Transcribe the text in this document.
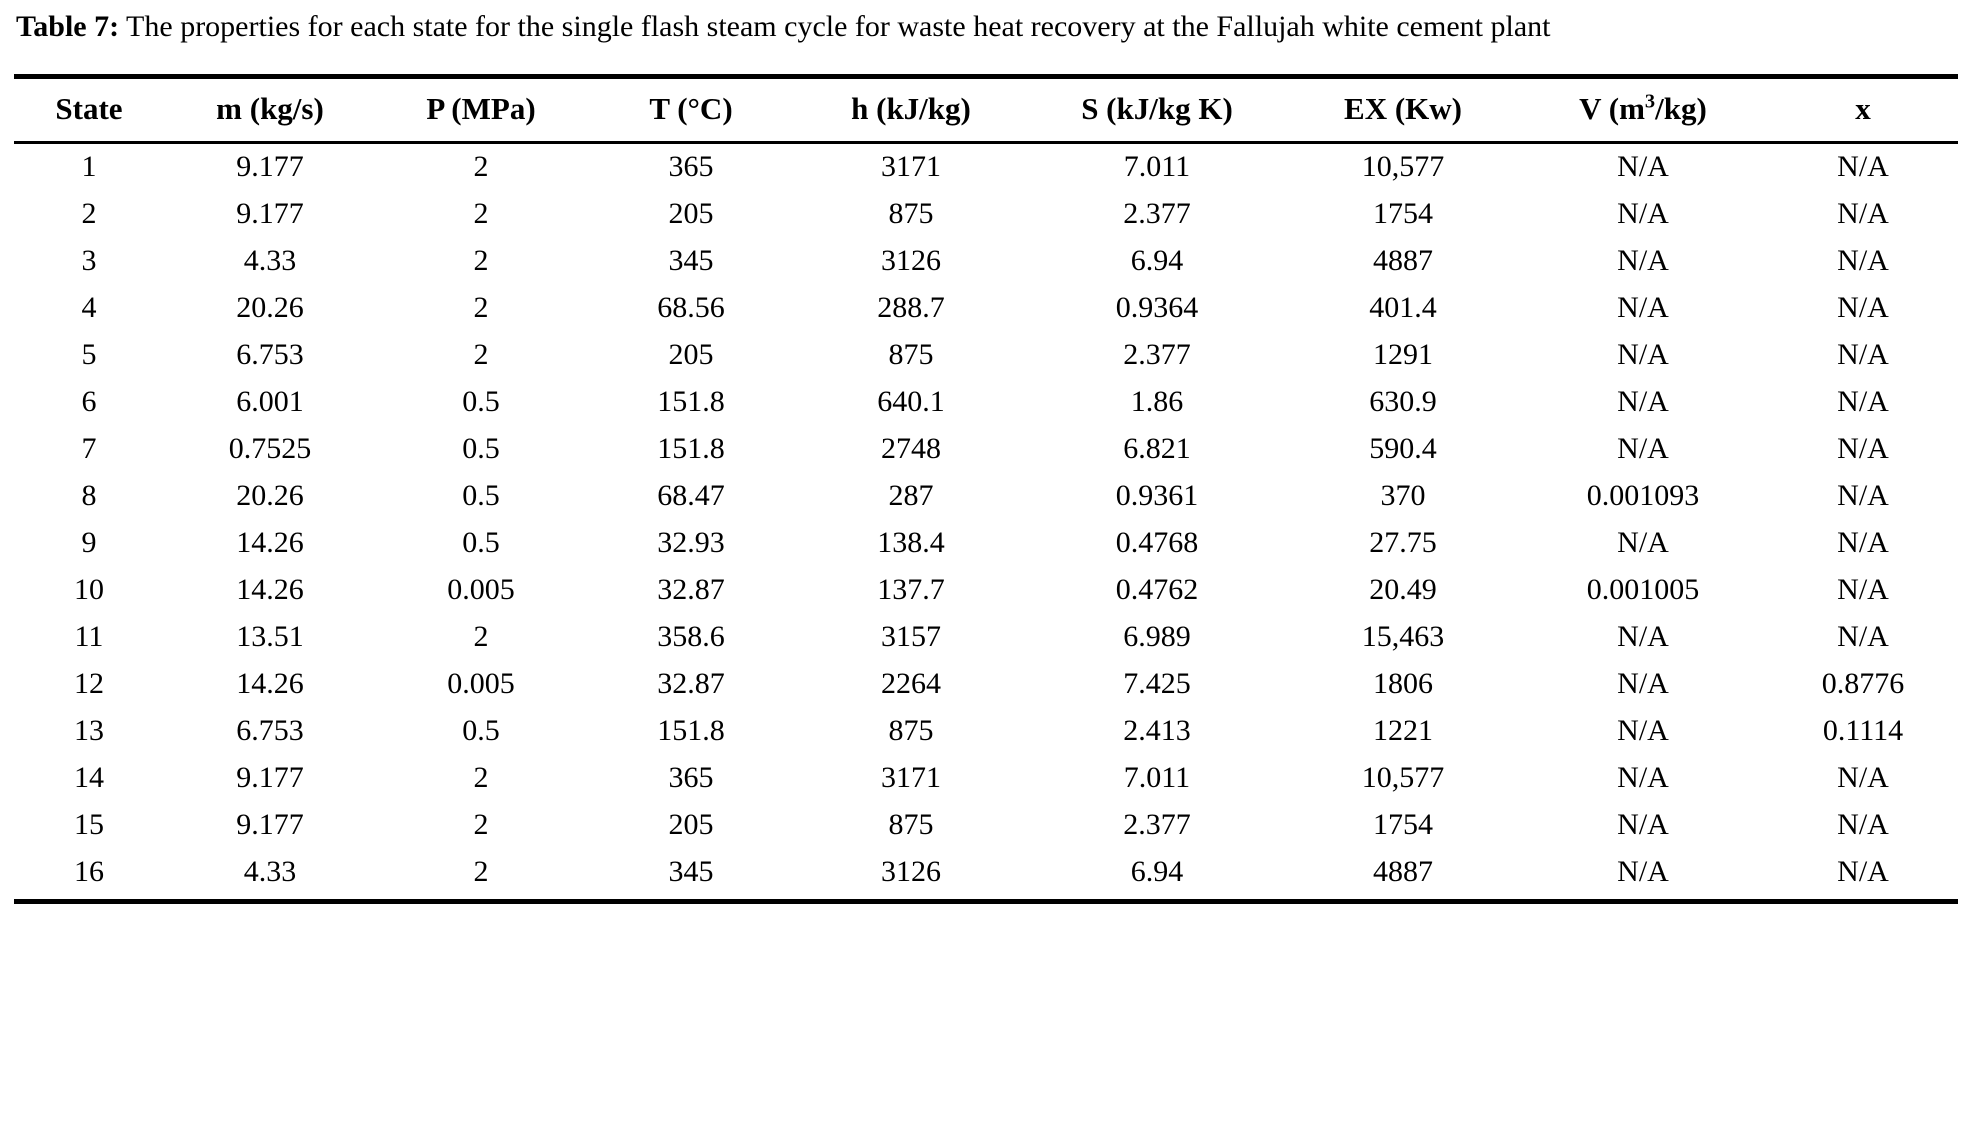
Table 7: The properties for each state for the single flash steam cycle for waste heat recovery at the Fallujah white cement plant

State	m (kg/s)	P (MPa)	T (°C)	h (kJ/kg)	S (kJ/kg K)	EX (Kw)	V $(m^3/kg)$	x
1	9.177	2	365	3171	7.011	10,577	N/A	N/A
2	9.177	2	205	875	2.377	1754	N/A	N/A
3	4.33	2	345	3126	6.94	4887	N/A	N/A
4	20.26	2	68.56	288.7	0.9364	401.4	N/A	N/A
5	6.753	2	205	875	2.377	1291	N/A	N/A
6	6.001	0.5	151.8	640.1	1.86	630.9	N/A	N/A
7	0.7525	0.5	151.8	2748	6.821	590.4	N/A	N/A
8	20.26	0.5	68.47	287	0.9361	370	0.001093	N/A
9	14.26	0.5	32.93	138.4	0.4768	27.75	N/A	N/A
10	14.26	0.005	32.87	137.7	0.4762	20.49	0.001005	N/A
11	13.51	2	358.6	3157	6.989	15,463	N/A	N/A
12	14.26	0.005	32.87	2264	7.425	1806	N/A	0.8776
13	6.753	0.5	151.8	875	2.413	1221	N/A	0.1114
14	9.177	2	365	3171	7.011	10,577	N/A	N/A
15	9.177	2	205	875	2.377	1754	N/A	N/A
16	4.33	2	345	3126	6.94	4887	N/A	N/A
